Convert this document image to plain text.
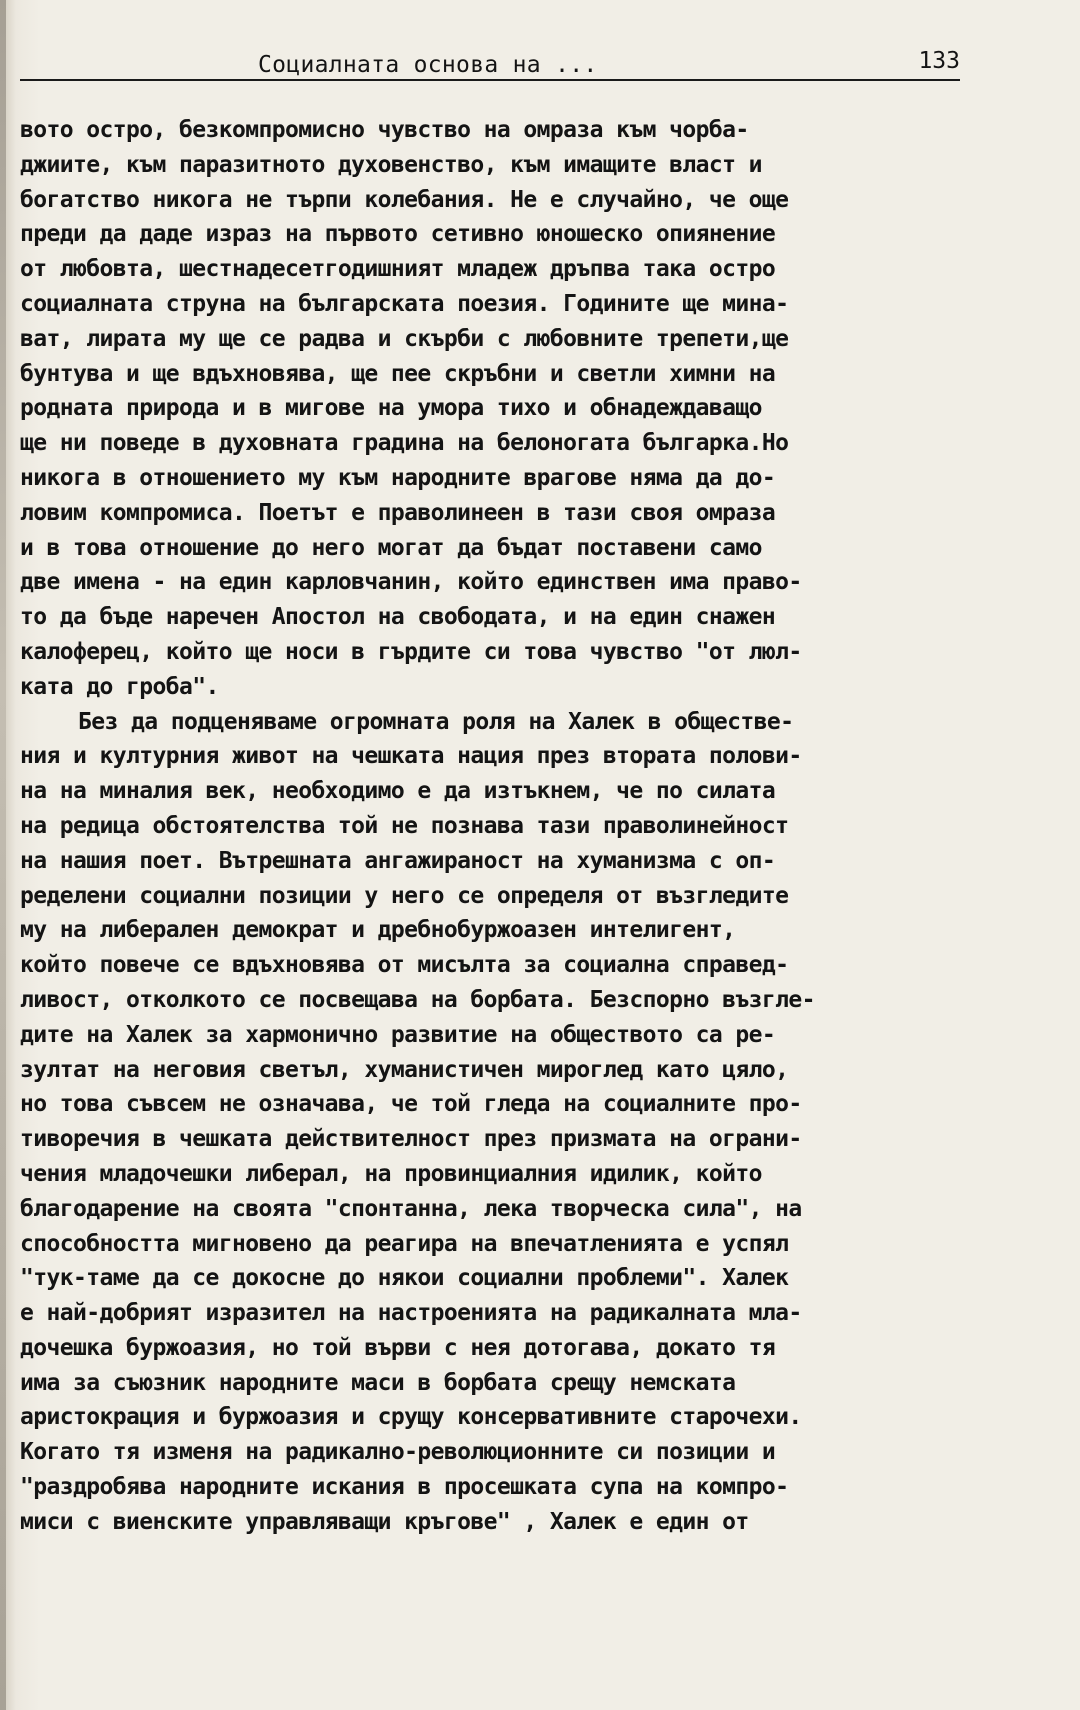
Социалната основа на ...	133
вото остро, безкомпромисно чувство на омраза към чорба-
джиите, към паразитното духовенство, към имащите власт и
богатство никога не търпи колебания. Не е случайно, че още
преди да даде израз на първото сетивно юношеско опиянение
от любовта, шестнадесетгодишният младеж дръпва така остро
социалната струна на българската поезия. Годините ще мина-
ват, лирата му ще се радва и скърби с любовните трепети,ще
бунтува и ще вдъхновява, ще пее скръбни и светли химни на
родната природа и в мигове на умора тихо и обнадеждаващо
ще ни поведе в духовната градина на белоногата българка.Но
никога в отношението му към народните врагове няма да до-
ловим компромиса. Поетът е праволинеен в тази своя омраза
и в това отношение до него могат да бъдат поставени само
две имена - на един карловчанин, който единствен има право-
то да бъде наречен Апостол на свободата, и на един снажен
калоферец, който ще носи в гърдите си това чувство "от люл-
ката до гроба".
Без да подценяваме огромната роля на Халек в обществе-
ния и културния живот на чешката нация през втората полови-
на на миналия век, необходимо е да изтъкнем, че по силата
на редица обстоятелства той не познава тази праволинейност
на нашия поет. Вътрешната ангажираност на хуманизма с оп-
ределени социални позиции у него се определя от възгледите
му на либерален демократ и дребнобуржоазен интелигент,
който повече се вдъхновява от мисълта за социална справед-
ливост, отколкото се посвещава на борбата. Безспорно възгле-
дите на Халек за хармонично развитие на обществото са ре-
зултат на неговия светъл, хуманистичен мироглед като цяло,
но това съвсем не означава, че той гледа на социалните про-
тиворечия в чешката действителност през призмата на ограни-
чения младочешки либерал, на провинциалния идилик, който
благодарение на своята "спонтанна, лека творческа сила", на
способността мигновено да реагира на впечатленията е успял
"тук-таме да се докосне до някои социални проблеми". Халек
е най-добрият изразител на настроенията на радикалната мла-
дочешка буржоазия, но той върви с нея дотогава, докато тя
има за съюзник народните маси в борбата срещу немската
аристокрация и буржоазия и срущу консервативните старочехи.
Когато тя изменя на радикално-революционните си позиции и
"раздробява народните искания в просешката супа на компро-
миси с виенските управляващи кръгове" , Халек е един от
